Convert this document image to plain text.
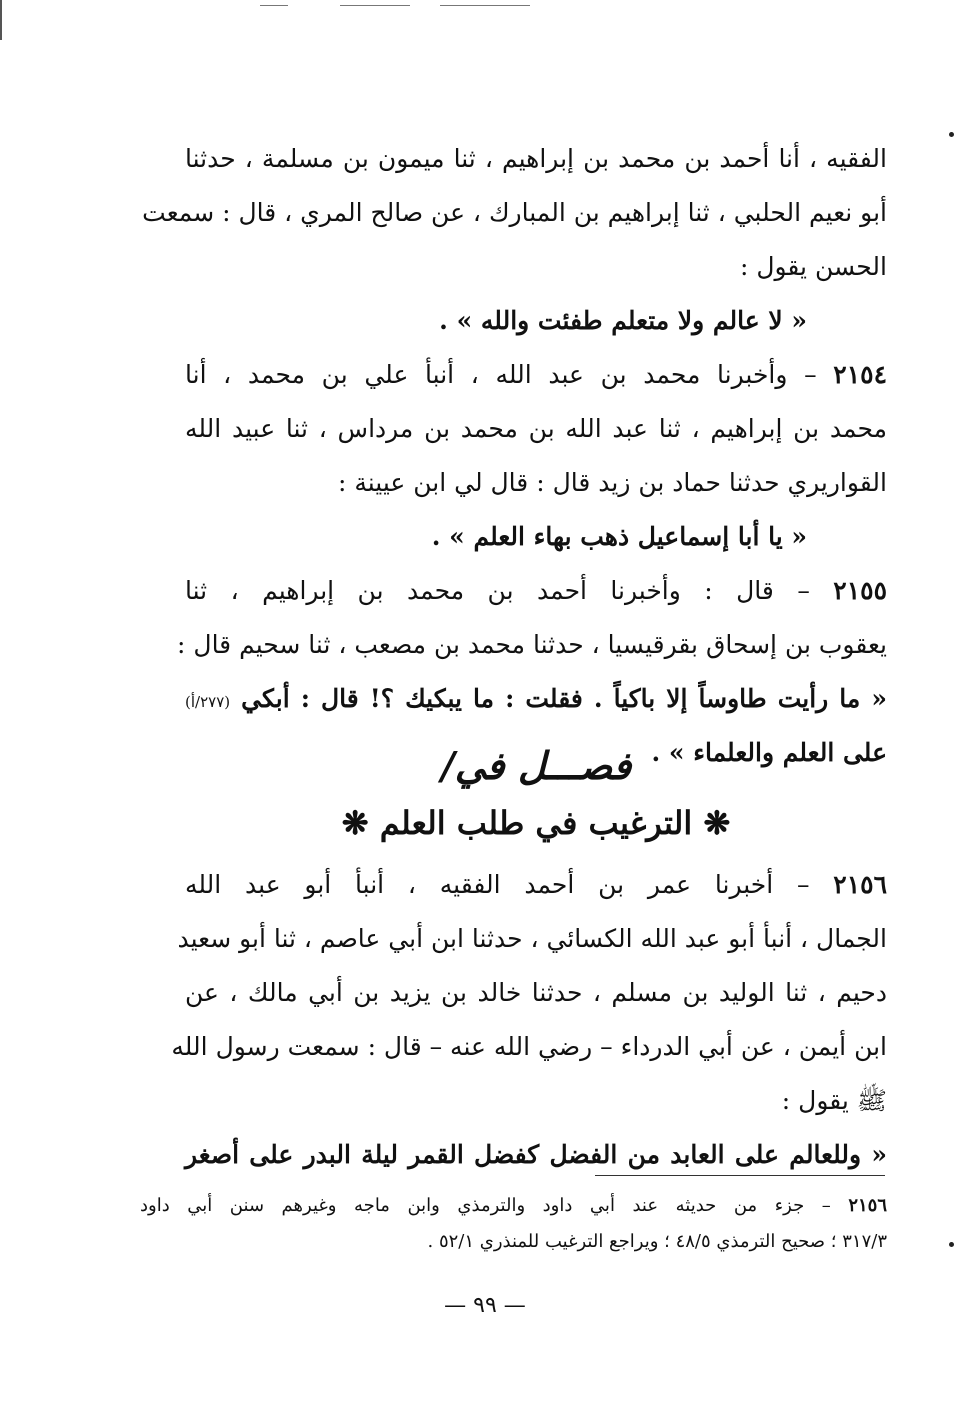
الفقيه ، أنا أحمد بن محمد بن إبراهيم ، ثنا ميمون بن مسلمة ، حدثنا
أبو نعيم الحلبي ، ثنا إبراهيم بن المبارك ، عن صالح المري ، قال : سمعت
الحسن يقول :
« لا عالم ولا متعلم طفئت والله » .
٢١٥٤ – وأخبرنا محمد بن عبد الله ، أنبأ علي بن محمد ، أنا
محمد بن إبراهيم ، ثنا عبد الله بن محمد بن مرداس ، ثنا عبيد الله
القواريري حدثنا حماد بن زيد قال : قال لي ابن عيينة :
« يا أبا إسماعيل ذهب بهاء العلم » .
٢١٥٥ – قال : وأخبرنا أحمد بن محمد بن إبراهيم ، ثنا
يعقوب بن إسحاق بقرقيسيا ، حدثنا محمد بن مصعب ، ثنا سحيم قال :
« ما رأيت طاوساً إلا باكياً . فقلت : ما يبكيك ؟! قال : أبكي (٢٧٧/أ)
على العلم والعلماء » .
فصـــل في/
❋ الترغيب في طلب العلم ❋
٢١٥٦ – أخبرنا عمر بن أحمد الفقيه ، أنبأ أبو عبد الله
الجمال ، أنبأ أبو عبد الله الكسائي ، حدثنا ابن أبي عاصم ، ثنا أبو سعيد
دحيم ، ثنا الوليد بن مسلم ، حدثنا خالد بن يزيد بن أبي مالك ، عن
ابن أيمن ، عن أبي الدرداء – رضي الله عنه – قال : سمعت رسول الله
ﷺ يقول :
« وللعالم على العابد من الفضل كفضل القمر ليلة البدر على أصغر
٢١٥٦ – جزء من حديثه عند أبي داود والترمذي وابن ماجه وغيرهم سنن أبي داود
٣١٧/٣ ؛ صحيح الترمذي ٤٨/٥ ؛ ويراجع الترغيب للمنذري ٥٢/١ .
— ٩٩ —
